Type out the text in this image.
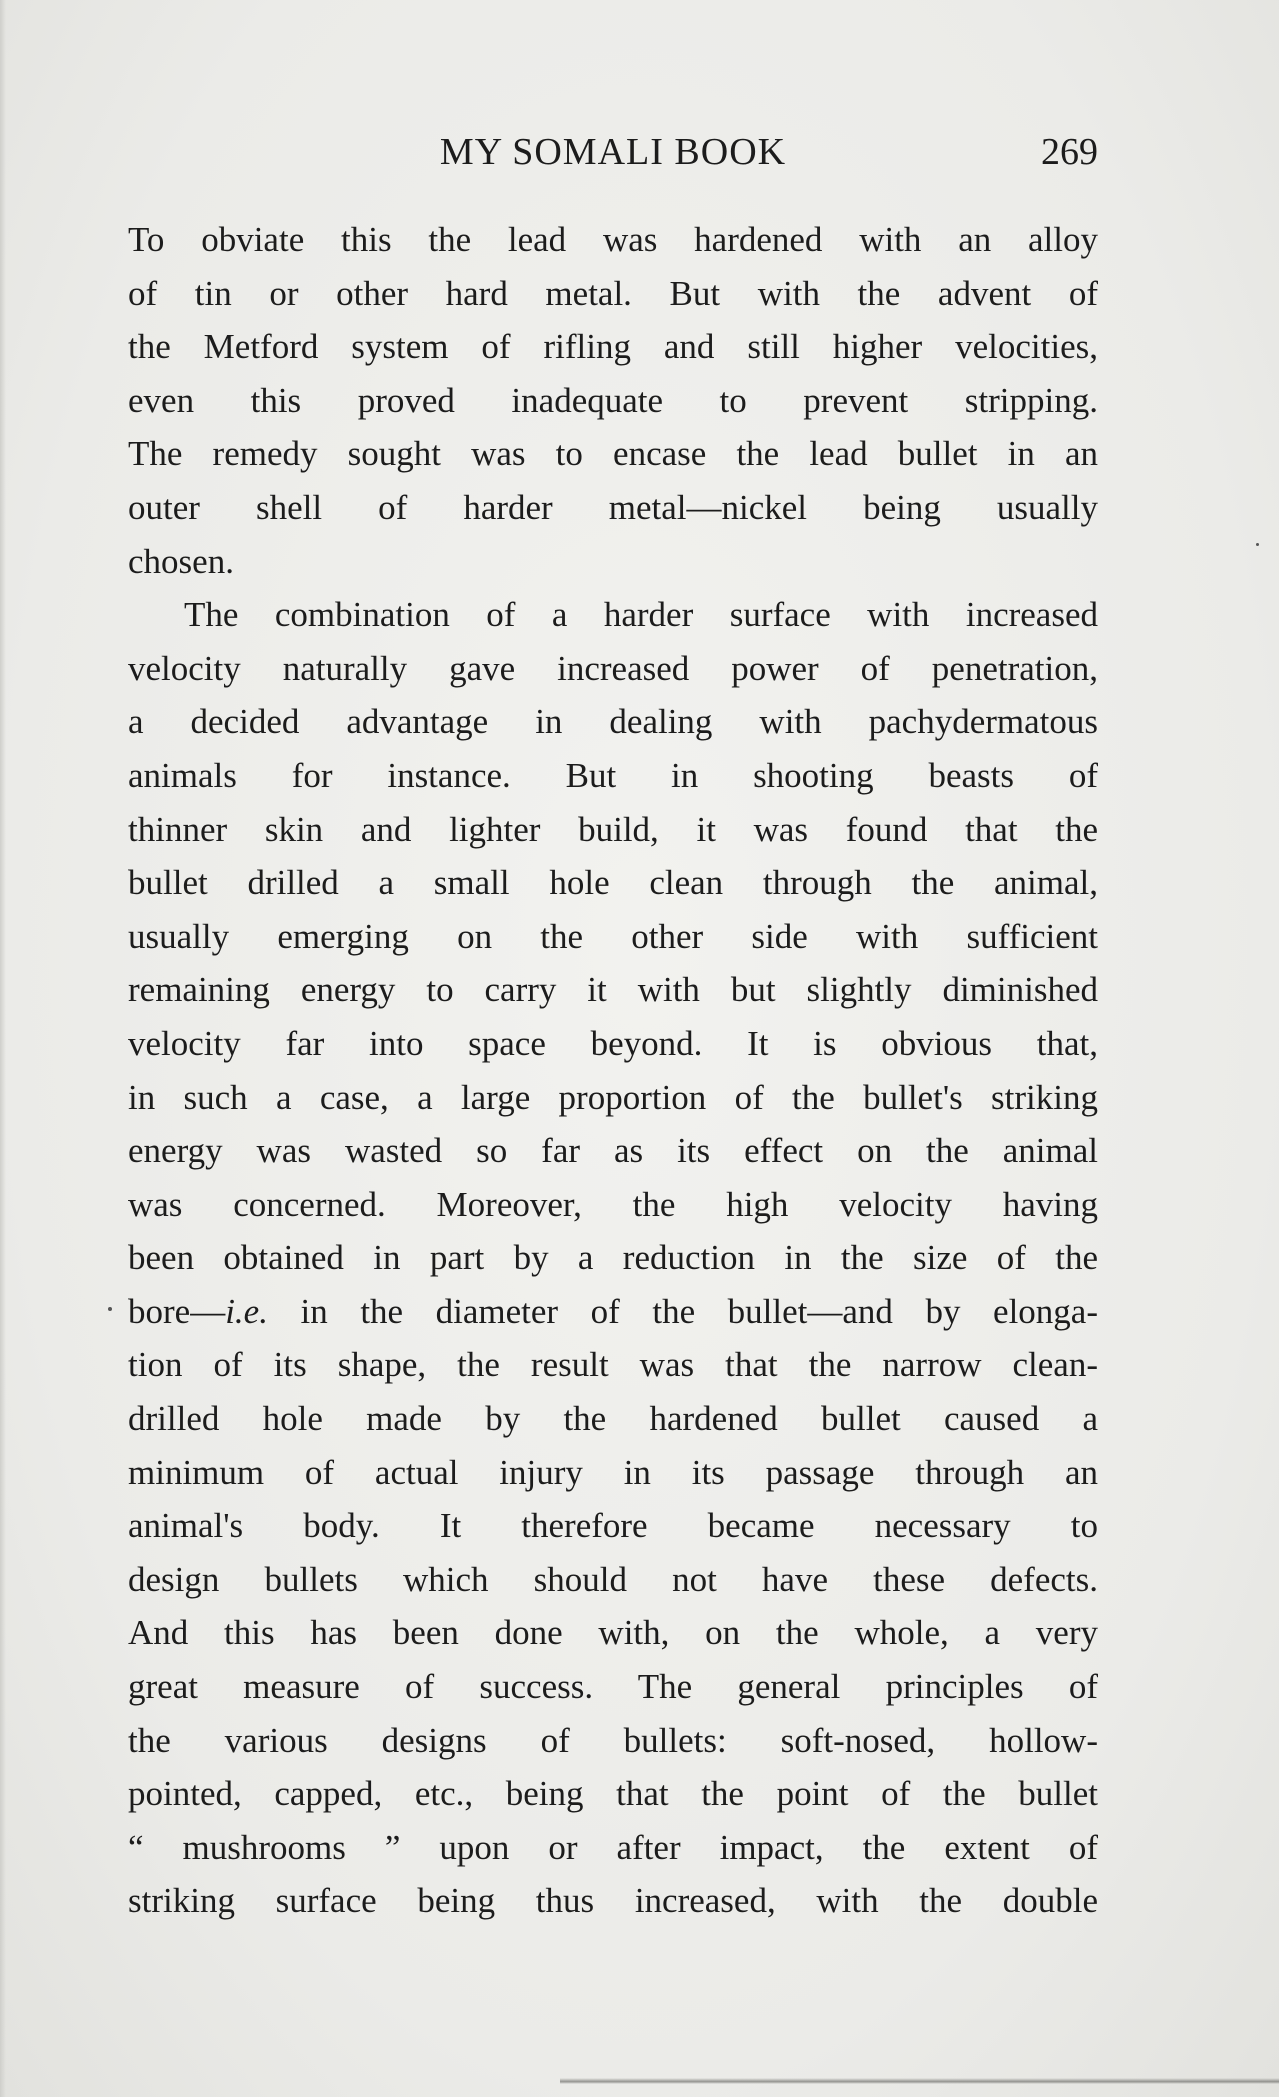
MY SOMALI BOOK	269
To obviate this the lead was hardened with an alloy
of tin or other hard metal. But with the advent of
the Metford system of rifling and still higher velocities,
even this proved inadequate to prevent stripping.
The remedy sought was to encase the lead bullet in an
outer shell of harder metal—nickel being usually
chosen.
The combination of a harder surface with increased
velocity naturally gave increased power of penetration,
a decided advantage in dealing with pachydermatous
animals for instance. But in shooting beasts of
thinner skin and lighter build, it was found that the
bullet drilled a small hole clean through the animal,
usually emerging on the other side with sufficient
remaining energy to carry it with but slightly diminished
velocity far into space beyond. It is obvious that,
in such a case, a large proportion of the bullet's striking
energy was wasted so far as its effect on the animal
was concerned. Moreover, the high velocity having
been obtained in part by a reduction in the size of the
bore—i.e. in the diameter of the bullet—and by elonga-
tion of its shape, the result was that the narrow clean-
drilled hole made by the hardened bullet caused a
minimum of actual injury in its passage through an
animal's body. It therefore became necessary to
design bullets which should not have these defects.
And this has been done with, on the whole, a very
great measure of success. The general principles of
the various designs of bullets: soft-nosed, hollow-
pointed, capped, etc., being that the point of the bullet
“ mushrooms ” upon or after impact, the extent of
striking surface being thus increased, with the double
